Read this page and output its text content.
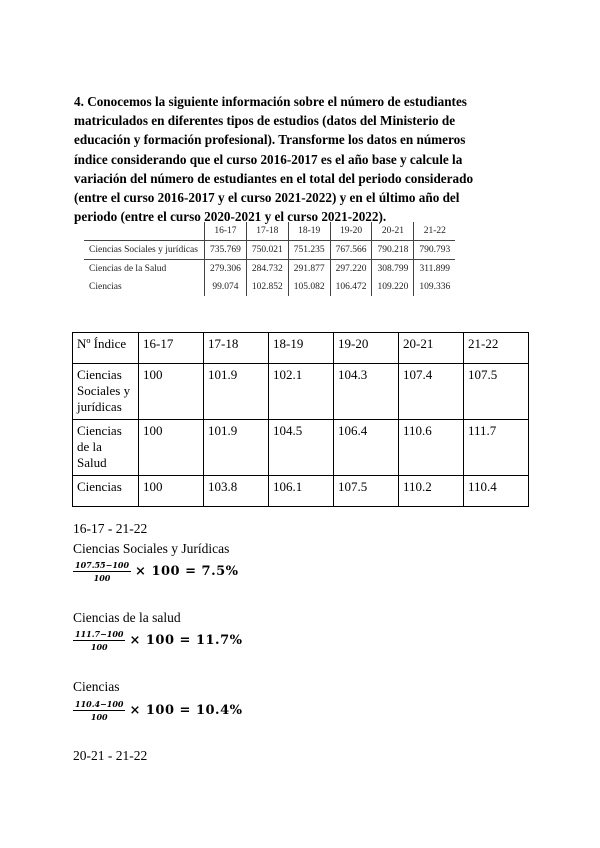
4. Conocemos la siguiente información sobre el número de estudiantes
matriculados en diferentes tipos de estudios (datos del Ministerio de
educación y formación profesional). Transforme los datos en números
índice considerando que el curso 2016-2017 es el año base y calcule la
variación del número de estudiantes en el total del periodo considerado
(entre el curso 2016-2017 y el curso 2021-2022) y en el último año del
periodo (entre el curso 2020-2021 y el curso 2021-2022).
	16-17	17-18	18-19	19-20	20-21	21-22
Ciencias Sociales y jurídicas	735.769	750.021	751.235	767.566	790.218	790.793
Ciencias de la Salud	279.306	284.732	291.877	297.220	308.799	311.899
Ciencias	99.074	102.852	105.082	106.472	109.220	109.336
Nº Índice	16-17	17-18	18-19	19-20	20-21	21-22

Ciencias
Sociales y
jurídicas	100	101.9	102.1	104.3	107.4	107.5

Ciencias
de la
Salud	100	101.9	104.5	106.4	110.6	111.7

Ciencias	100	103.8	106.1	107.5	110.2	110.4
16-17 - 21-22
Ciencias Sociales y Jurídicas
$\frac{107.55-100}{100} \times 100 = 7.5\%$
Ciencias de la salud
$\frac{111.7-100}{100} \times 100 = 11.7\%$
Ciencias
$\frac{110.4-100}{100} \times 100 = 10.4\%$
20-21 - 21-22
